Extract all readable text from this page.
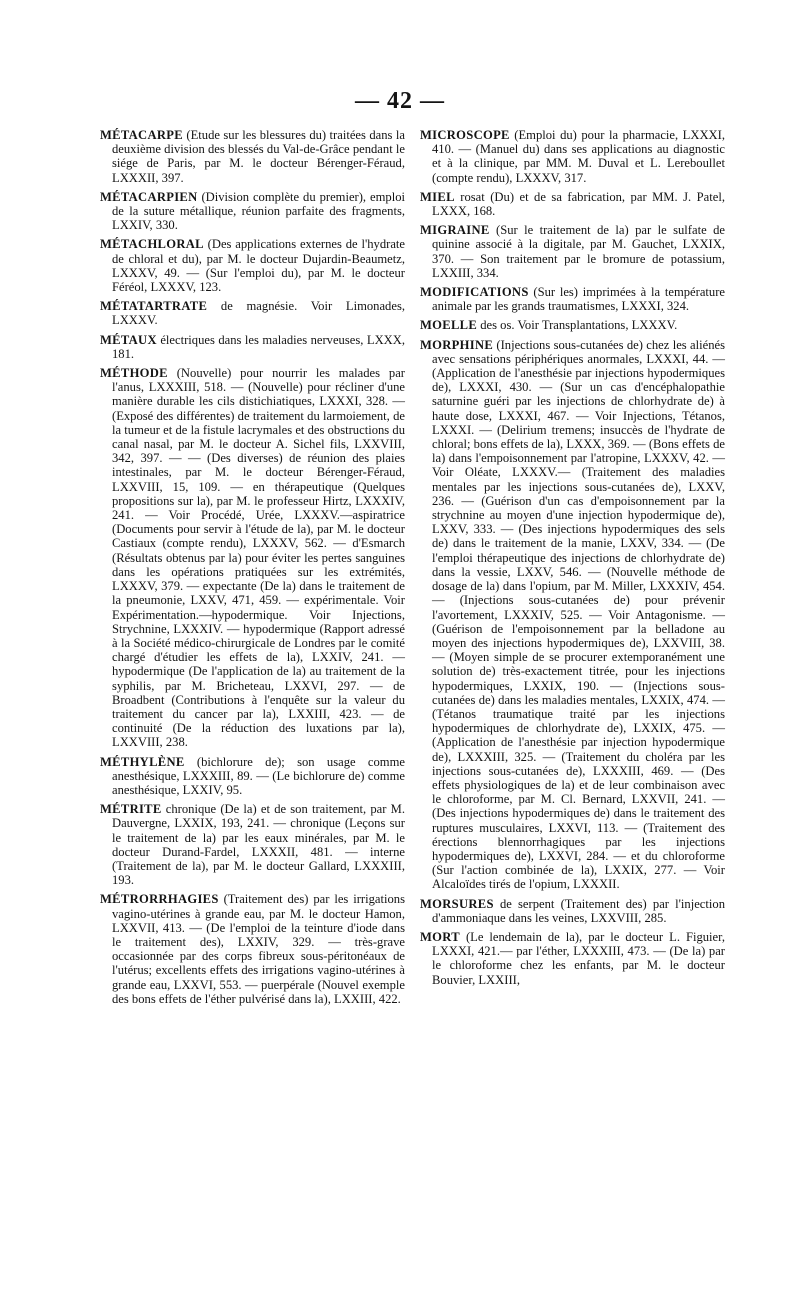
— 42 —

MÉTACARPE (Etude sur les blessures du) traitées dans la deuxième division des blessés du Val-de-Grâce pendant le siége de Paris, par M. le docteur Bérenger-Féraud, LXXXII, 397.

MÉTACARPIEN (Division complète du premier), emploi de la suture métallique, réunion parfaite des fragments, LXXIV, 330.

MÉTACHLORAL (Des applications externes de l'hydrate de chloral et du), par M. le docteur Dujardin-Beaumetz, LXXXV, 49. — (Sur l'emploi du), par M. le docteur Féréol, LXXXV, 123.

MÉTATARTRATE de magnésie. Voir Limonades, LXXXV.

MÉTAUX électriques dans les maladies nerveuses, LXXX, 181.

MÉTHODE (Nouvelle) pour nourrir les malades par l'anus, LXXXIII, 518. — (Nouvelle) pour récliner d'une manière durable les cils distichiatiques, LXXXI, 328. — (Exposé des différentes) de traitement du larmoiement, de la tumeur et de la fistule lacrymales et des obstructions du canal nasal, par M. le docteur A. Sichel fils, LXXVIII, 342, 397. — — (Des diverses) de réunion des plaies intestinales, par M. le docteur Bérenger-Féraud, LXXVIII, 15, 109. — en thérapeutique (Quelques propositions sur la), par M. le professeur Hirtz, LXXXIV, 241. — Voir Procédé, Urée, LXXXV.—aspiratrice (Documents pour servir à l'étude de la), par M. le docteur Castiaux (compte rendu), LXXXV, 562. — d'Esmarch (Résultats obtenus par la) pour éviter les pertes sanguines dans les opérations pratiquées sur les extrémités, LXXXV, 379. — expectante (De la) dans le traitement de la pneumonie, LXXV, 471, 459. — expérimentale. Voir Expérimentation.—hypodermique. Voir Injections, Strychnine, LXXXIV. — hypodermique (Rapport adressé à la Société médico-chirurgicale de Londres par le comité chargé d'étudier les effets de la), LXXIV, 241. — hypodermique (De l'application de la) au traitement de la syphilis, par M. Bricheteau, LXXVI, 297. — de Broadbent (Contributions à l'enquête sur la valeur du traitement du cancer par la), LXXIII, 423. — de continuité (De la réduction des luxations par la), LXXVIII, 238.

MÉTHYLÈNE (bichlorure de); son usage comme anesthésique, LXXXIII, 89. — (Le bichlorure de) comme anesthésique, LXXIV, 95.

MÉTRITE chronique (De la) et de son traitement, par M. Dauvergne, LXXIX, 193, 241. — chronique (Leçons sur le traitement de la) par les eaux minérales, par M. le docteur Durand-Fardel, LXXXII, 481. — interne (Traitement de la), par M. le docteur Gallard, LXXXIII, 193.

MÉTRORRHAGIES (Traitement des) par les irrigations vagino-utérines à grande eau, par M. le docteur Hamon, LXXVII, 413. — (De l'emploi de la teinture d'iode dans le traitement des), LXXIV, 329. — très-grave occasionnée par des corps fibreux sous-péritonéaux de l'utérus; excellents effets des irrigations vagino-utérines à grande eau, LXXVI, 553. — puerpérale (Nouvel exemple des bons effets de l'éther pulvérisé dans la), LXXIII, 422.

MICROSCOPE (Emploi du) pour la pharmacie, LXXXI, 410. — (Manuel du) dans ses applications au diagnostic et à la clinique, par MM. M. Duval et L. Lereboullet (compte rendu), LXXXV, 317.

MIEL rosat (Du) et de sa fabrication, par MM. J. Patel, LXXX, 168.

MIGRAINE (Sur le traitement de la) par le sulfate de quinine associé à la digitale, par M. Gauchet, LXXIX, 370. — Son traitement par le bromure de potassium, LXXIII, 334.

MODIFICATIONS (Sur les) imprimées à la température animale par les grands traumatismes, LXXXI, 324.

MOELLE des os. Voir Transplantations, LXXXV.

MORPHINE (Injections sous-cutanées de) chez les aliénés avec sensations périphériques anormales, LXXXI, 44. — (Application de l'anesthésie par injections hypodermiques de), LXXXI, 430. — (Sur un cas d'encéphalopathie saturnine guéri par les injections de chlorhydrate de) à haute dose, LXXXI, 467. — Voir Injections, Tétanos, LXXXI. — (Delirium tremens; insuccès de l'hydrate de chloral; bons effets de la), LXXX, 369. — (Bons effets de la) dans l'empoisonnement par l'atropine, LXXXV, 42. — Voir Oléate, LXXXV.— (Traitement des maladies mentales par les injections sous-cutanées de), LXXV, 236. — (Guérison d'un cas d'empoisonnement par la strychnine au moyen d'une injection hypodermique de), LXXV, 333. — (Des injections hypodermiques des sels de) dans le traitement de la manie, LXXV, 334. — (De l'emploi thérapeutique des injections de chlorhydrate de) dans la vessie, LXXV, 546. — (Nouvelle méthode de dosage de la) dans l'opium, par M. Miller, LXXXIV, 454. — (Injections sous-cutanées de) pour prévenir l'avortement, LXXXIV, 525. — Voir Antagonisme. — (Guérison de l'empoisonnement par la belladone au moyen des injections hypodermiques de), LXXVIII, 38. — (Moyen simple de se procurer extemporanément une solution de) très-exactement titrée, pour les injections hypodermiques, LXXIX, 190. — (Injections sous-cutanées de) dans les maladies mentales, LXXIX, 474. — (Tétanos traumatique traité par les injections hypodermiques de chlorhydrate de), LXXIX, 475. — (Application de l'anesthésie par injection hypodermique de), LXXXIII, 325. — (Traitement du choléra par les injections sous-cutanées de), LXXXIII, 469. — (Des effets physiologiques de la) et de leur combinaison avec le chloroforme, par M. Cl. Bernard, LXXVII, 241. — (Des injections hypodermiques de) dans le traitement des ruptures musculaires, LXXVI, 113. — (Traitement des érections blennorrhagiques par les injections hypodermiques de), LXXVI, 284. — et du chloroforme (Sur l'action combinée de la), LXXIX, 277. — Voir Alcaloïdes tirés de l'opium, LXXXII.

MORSURES de serpent (Traitement des) par l'injection d'ammoniaque dans les veines, LXXVIII, 285.

MORT (Le lendemain de la), par le docteur L. Figuier, LXXXI, 421.— par l'éther, LXXXIII, 473. — (De la) par le chloroforme chez les enfants, par M. le docteur Bouvier, LXXIII,
